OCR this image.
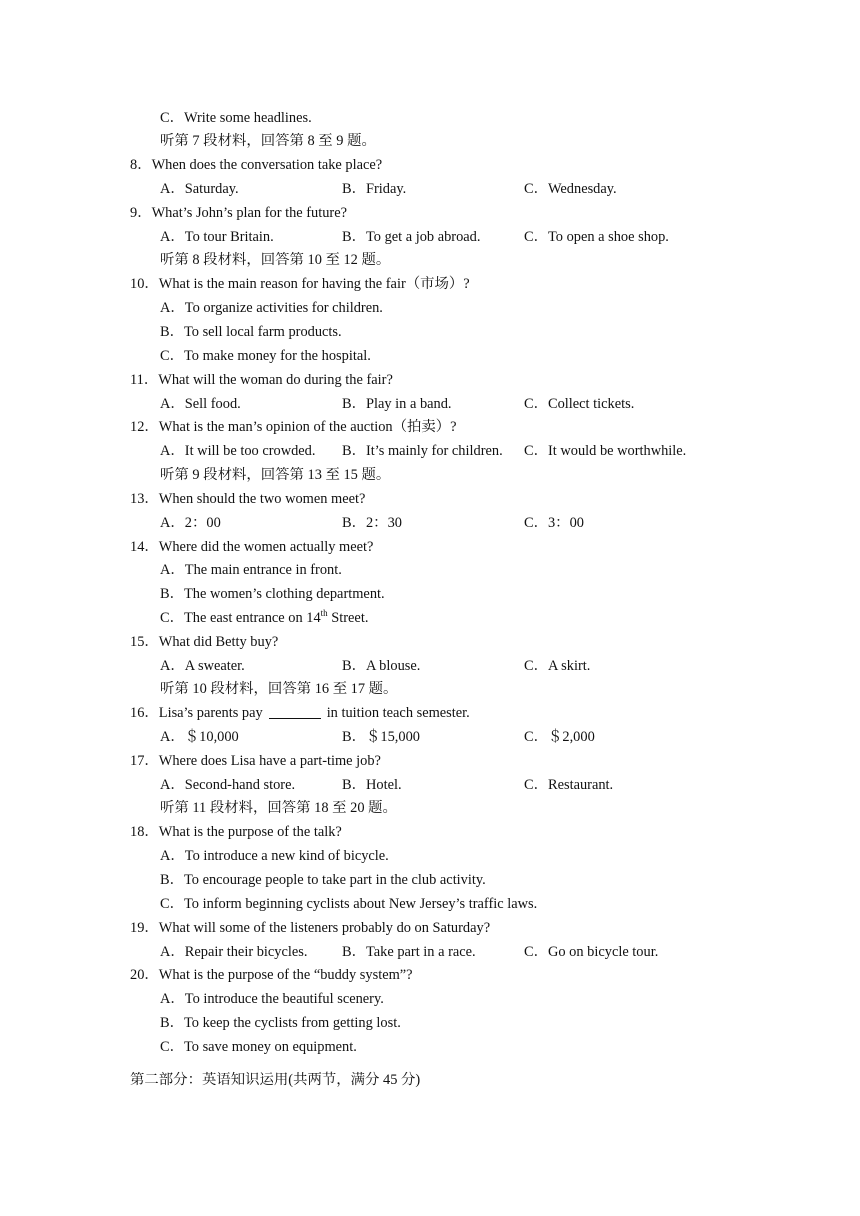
C．Write some headlines.
听第 7 段材料，回答第 8 至 9 题。
8．When does the conversation take place?
A．Saturday.	B．Friday.	C．Wednesday.
9．What’s John’s plan for the future?
A．To tour Britain.	B．To get a job abroad.	C．To open a shoe shop.
听第 8 段材料，回答第 10 至 12 题。
10．What is the main reason for having the fair（市场）?
A．To organize activities for children.
B．To sell local farm products.
C．To make money for the hospital.
11．What will the woman do during the fair?
A．Sell food.	B．Play in a band.	C．Collect tickets.
12．What is the man’s opinion of the auction（拍卖）?
A．It will be too crowded. B．It’s mainly for children. C．It would be worthwhile.
听第 9 段材料，回答第 13 至 15 题。
13．When should the two women meet?
A．2：00	B．2：30	C．3：00
14．Where did the women actually meet?
A．The main entrance in front.
B．The women’s clothing department.
C．The east entrance on 14th Street.
15．What did Betty buy?
A．A sweater.	B．A blouse.	C．A skirt.
听第 10 段材料，回答第 16 至 17 题。
16．Lisa’s parents pay	in tuition teach semester.
A．＄10,000	B．＄15,000	C．＄2,000
17．Where does Lisa have a part-time job?
A．Second-hand store.	B．Hotel.	C．Restaurant.
听第 11 段材料，回答第 18 至 20 题。
18．What is the purpose of the talk?
A．To introduce a new kind of bicycle.
B．To encourage people to take part in the club activity.
C．To inform beginning cyclists about New Jersey’s traffic laws.
19．What will some of the listeners probably do on Saturday?
A．Repair their bicycles. B．Take part in a race.	C．Go on bicycle tour.
20．What is the purpose of the “buddy system”?
A．To introduce the beautiful scenery.
B．To keep the cyclists from getting lost.
C．To save money on equipment.
第二部分：英语知识运用(共两节，满分 45 分)
